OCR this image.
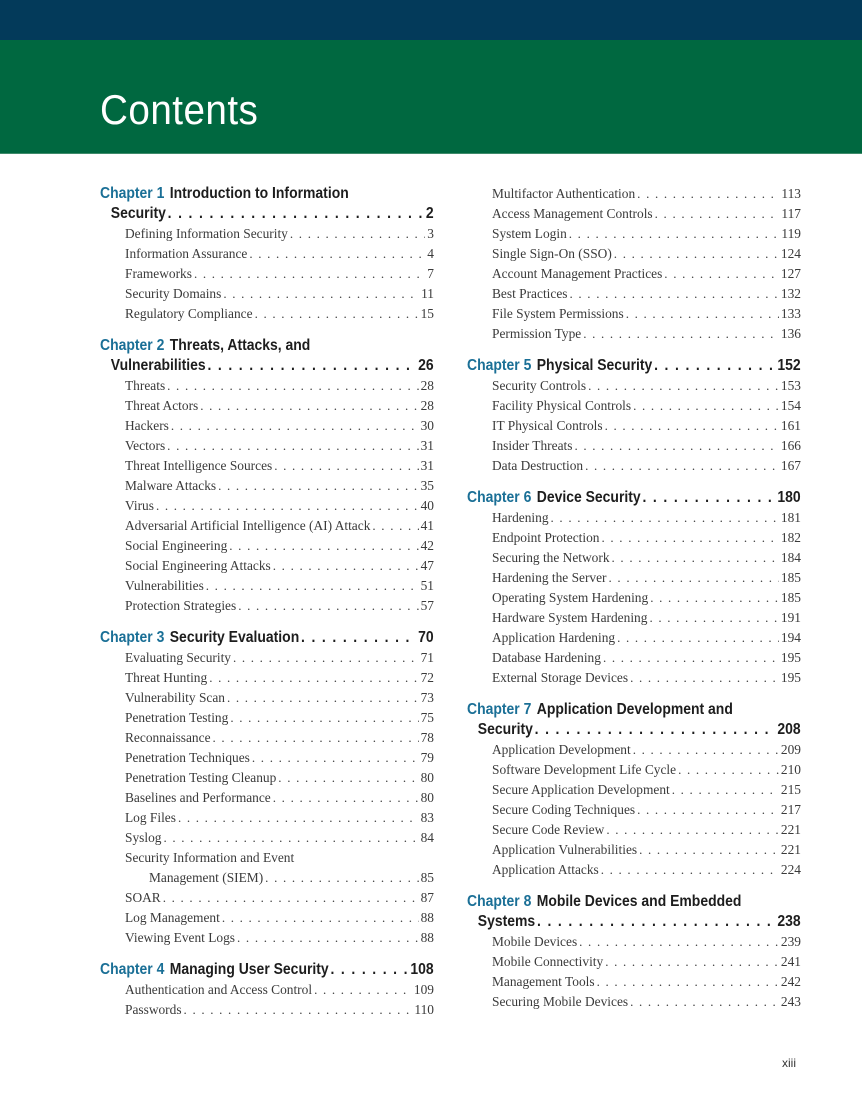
Contents
Chapter 1 Introduction to Information
Security . . .	2
Defining Information Security . . .	3
Information Assurance . . .	4
Frameworks . . .	7
Security Domains . . .	11
Regulatory Compliance . . .	15
Chapter 2 Threats, Attacks, and
Vulnerabilities . . .	26
Threats . . .	28
Threat Actors . . .	28
Hackers . . .	30
Vectors . . .	31
Threat Intelligence Sources . . .	31
Malware Attacks . . .	35
Virus . . .	40
Adversarial Artificial Intelligence (AI) Attack . . .	41
Social Engineering . . .	42
Social Engineering Attacks . . .	47
Vulnerabilities . . .	51
Protection Strategies . . .	57
Chapter 3 Security Evaluation . . .	70
Evaluating Security . . .	71
Threat Hunting . . .	72
Vulnerability Scan . . .	73
Penetration Testing . . .	75
Reconnaissance . . .	78
Penetration Techniques . . .	79
Penetration Testing Cleanup . . .	80
Baselines and Performance . . .	80
Log Files . . .	83
Syslog . . .	84
Security Information and Event
Management (SIEM) . . .	85
SOAR . . .	87
Log Management . . .	88
Viewing Event Logs . . .	88
Chapter 4 Managing User Security . . .	108
Authentication and Access Control . . .	109
Passwords . . .	110
Multifactor Authentication . . .	113
Access Management Controls . . .	117
System Login . . .	119
Single Sign-On (SSO) . . .	124
Account Management Practices . . .	127
Best Practices . . .	132
File System Permissions . . .	133
Permission Type . . .	136
Chapter 5 Physical Security . . .	152
Security Controls . . .	153
Facility Physical Controls . . .	154
IT Physical Controls . . .	161
Insider Threats . . .	166
Data Destruction . . .	167
Chapter 6 Device Security . . .	180
Hardening . . .	181
Endpoint Protection . . .	182
Securing the Network . . .	184
Hardening the Server . . .	185
Operating System Hardening . . .	185
Hardware System Hardening . . .	191
Application Hardening . . .	194
Database Hardening . . .	195
External Storage Devices . . .	195
Chapter 7 Application Development and
Security . . .	208
Application Development . . .	209
Software Development Life Cycle . . .	210
Secure Application Development . . .	215
Secure Coding Techniques . . .	217
Secure Code Review . . .	221
Application Vulnerabilities . . .	221
Application Attacks . . .	224
Chapter 8 Mobile Devices and Embedded
Systems . . .	238
Mobile Devices . . .	239
Mobile Connectivity . . .	241
Management Tools . . .	242
Securing Mobile Devices . . .	243
xiii
